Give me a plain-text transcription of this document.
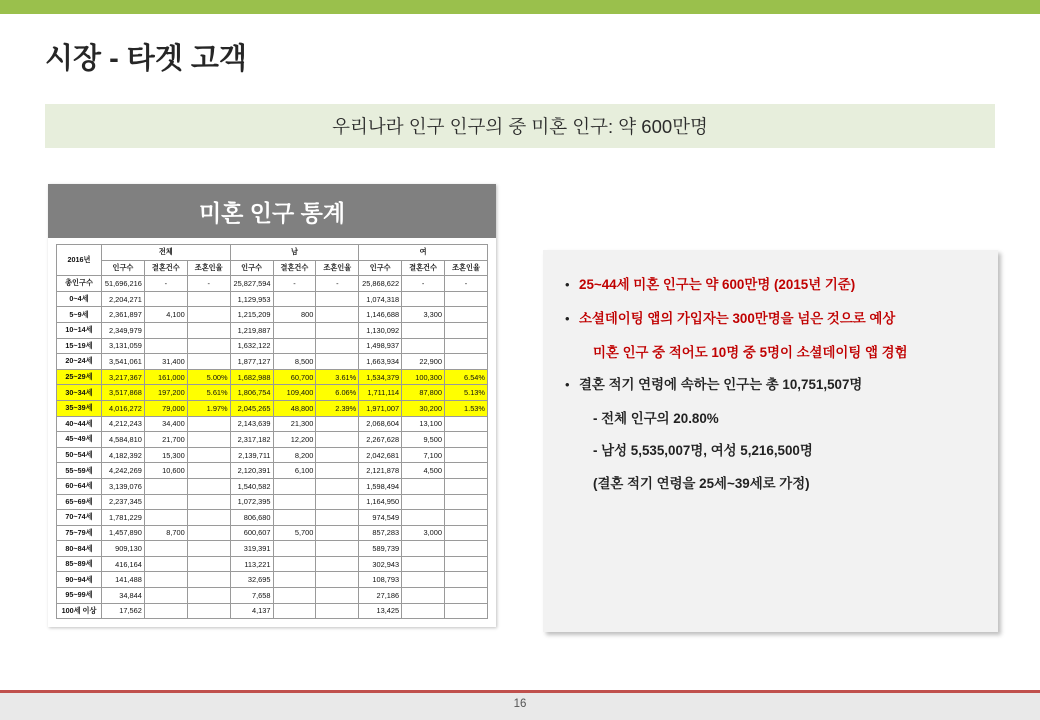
시장 - 타겟 고객
우리나라 인구 인구의 중 미혼 인구: 약 600만명
미혼 인구 통계
2016년	전체			남			여		
	인구수	결혼건수	조혼인율	인구수	결혼건수	조혼인율	인구수	결혼건수	조혼인율
총인구수	51,696,216	-	-	25,827,594	-	-	25,868,622	-	-
0~4세	2,204,271			1,129,953			1,074,318		
5~9세	2,361,897	4,100		1,215,209	800		1,146,688	3,300	
10~14세	2,349,979			1,219,887			1,130,092		
15~19세	3,131,059			1,632,122			1,498,937		
20~24세	3,541,061	31,400		1,877,127	8,500		1,663,934	22,900	
25~29세	3,217,367	161,000	5.00%	1,682,988	60,700	3.61%	1,534,379	100,300	6.54%
30~34세	3,517,868	197,200	5.61%	1,806,754	109,400	6.06%	1,711,114	87,800	5.13%
35~39세	4,016,272	79,000	1.97%	2,045,265	48,800	2.39%	1,971,007	30,200	1.53%
40~44세	4,212,243	34,400		2,143,639	21,300		2,068,604	13,100	
45~49세	4,584,810	21,700		2,317,182	12,200		2,267,628	9,500	
50~54세	4,182,392	15,300		2,139,711	8,200		2,042,681	7,100	
55~59세	4,242,269	10,600		2,120,391	6,100		2,121,878	4,500	
60~64세	3,139,076			1,540,582			1,598,494		
65~69세	2,237,345			1,072,395			1,164,950		
70~74세	1,781,229			806,680			974,549		
75~79세	1,457,890	8,700		600,607	5,700		857,283	3,000	
80~84세	909,130			319,391			589,739		
85~89세	416,164			113,221			302,943		
90~94세	141,488			32,695			108,793		
95~99세	34,844			7,658			27,186		
100세 이상	17,562			4,137			13,425		
• 25~44세 미혼 인구는 약 600만명 (2015년 기준)
• 소셜데이팅 앱의 가입자는 300만명을 넘은 것으로 예상
미혼 인구 중 적어도 10명 중 5명이 소셜데이팅 앱 경험
• 결혼 적기 연령에 속하는 인구는 총 10,751,507명
- 전체 인구의 20.80%
- 남성 5,535,007명, 여성 5,216,500명
(결혼 적기 연령을 25세~39세로 가정)
16
